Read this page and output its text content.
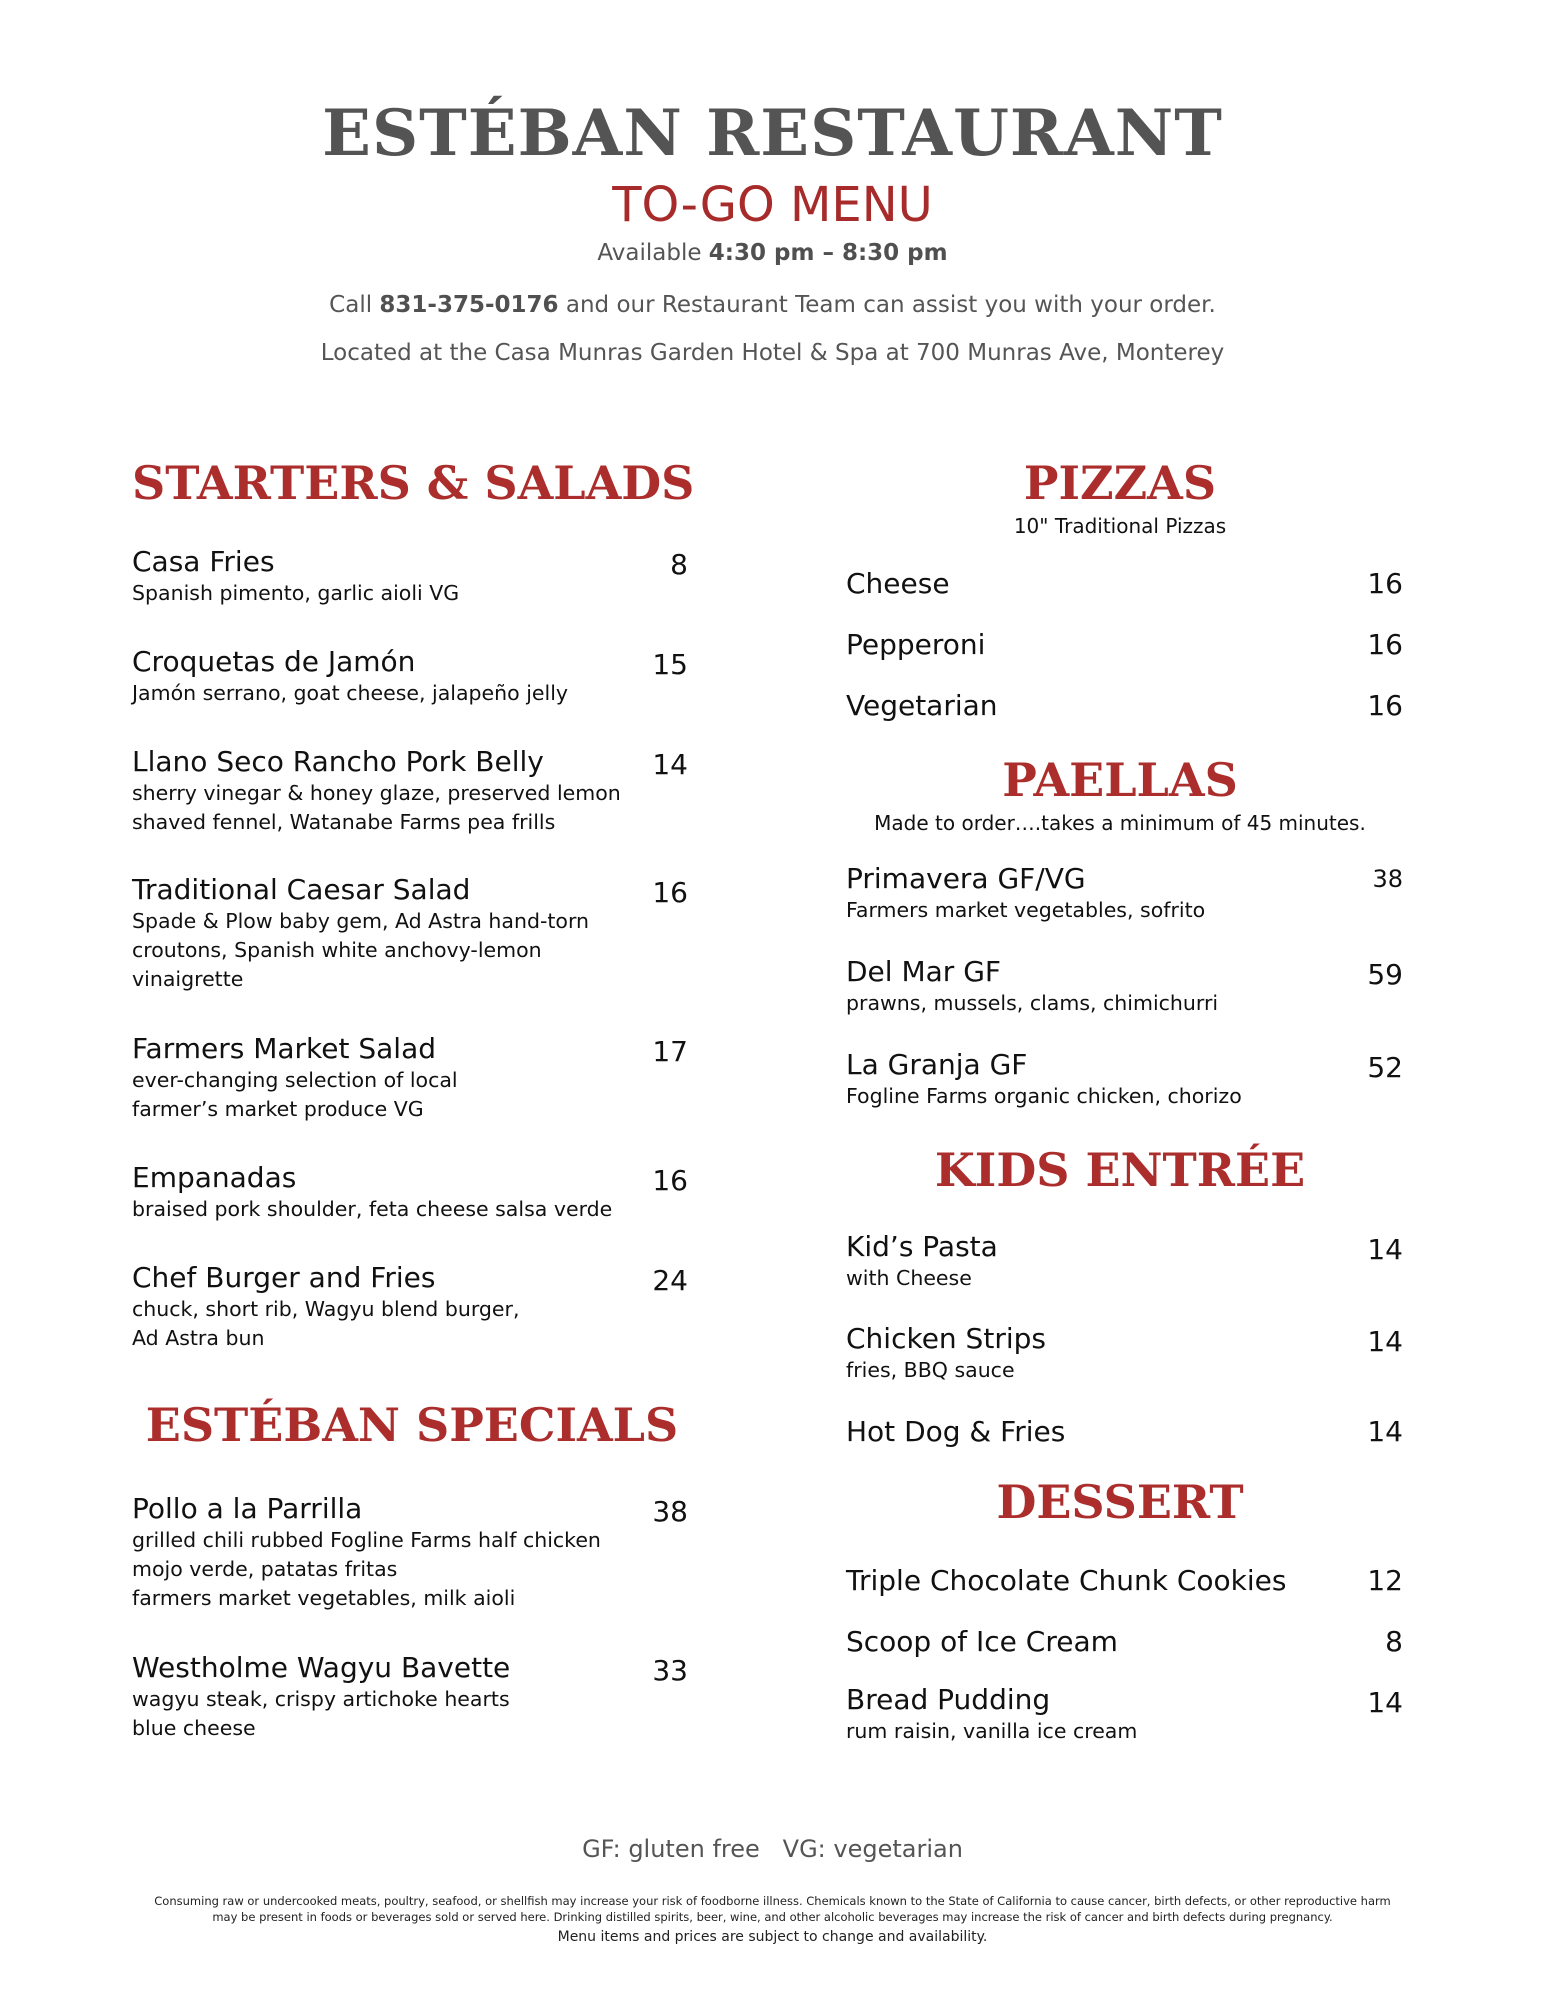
ESTÉBAN RESTAURANT
TO-GO MENU
Available 4:30 pm – 8:30 pm
Call 831-375-0176 and our Restaurant Team can assist you with your order.
Located at the Casa Munras Garden Hotel & Spa at 700 Munras Ave, Monterey
STARTERS & SALADS
ESTÉBAN SPECIALS
PIZZAS
10" Traditional Pizzas
PAELLAS
Made to order….takes a minimum of 45 minutes.
KIDS ENTRÉE
DESSERT
Casa Fries
Spanish pimento, garlic aioli VG
8
Croquetas de Jamón
Jamón serrano, goat cheese, jalapeño jelly
15
Llano Seco Rancho Pork Belly
sherry vinegar & honey glaze, preserved lemon
shaved fennel, Watanabe Farms pea frills
14
Traditional Caesar Salad
Spade & Plow baby gem, Ad Astra hand-torn
croutons, Spanish white anchovy-lemon
vinaigrette
16
Farmers Market Salad
ever-changing selection of local
farmer’s market produce VG
17
Empanadas
braised pork shoulder, feta cheese salsa verde
16
Chef Burger and Fries
chuck, short rib, Wagyu blend burger,
Ad Astra bun
24
Pollo a la Parrilla
grilled chili rubbed Fogline Farms half chicken
mojo verde, patatas fritas
farmers market vegetables, milk aioli
38
Westholme Wagyu Bavette
wagyu steak, crispy artichoke hearts
blue cheese
33
Cheese	16
Pepperoni	16
Vegetarian	16
Primavera GF/VG
Farmers market vegetables, sofrito
38
Del Mar GF
prawns, mussels, clams, chimichurri
59
La Granja GF
Fogline Farms organic chicken, chorizo
52
Kid’s Pasta
with Cheese
14
Chicken Strips
fries, BBQ sauce
14
Hot Dog & Fries	14
Triple Chocolate Chunk Cookies	12
Scoop of Ice Cream	8
Bread Pudding
rum raisin, vanilla ice cream
14
GF: gluten free   VG: vegetarian
Consuming raw or undercooked meats, poultry, seafood, or shellfish may increase your risk of foodborne illness. Chemicals known to the State of California to cause cancer, birth defects, or other reproductive harm
may be present in foods or beverages sold or served here. Drinking distilled spirits, beer, wine, and other alcoholic beverages may increase the risk of cancer and birth defects during pregnancy.
Menu items and prices are subject to change and availability.
